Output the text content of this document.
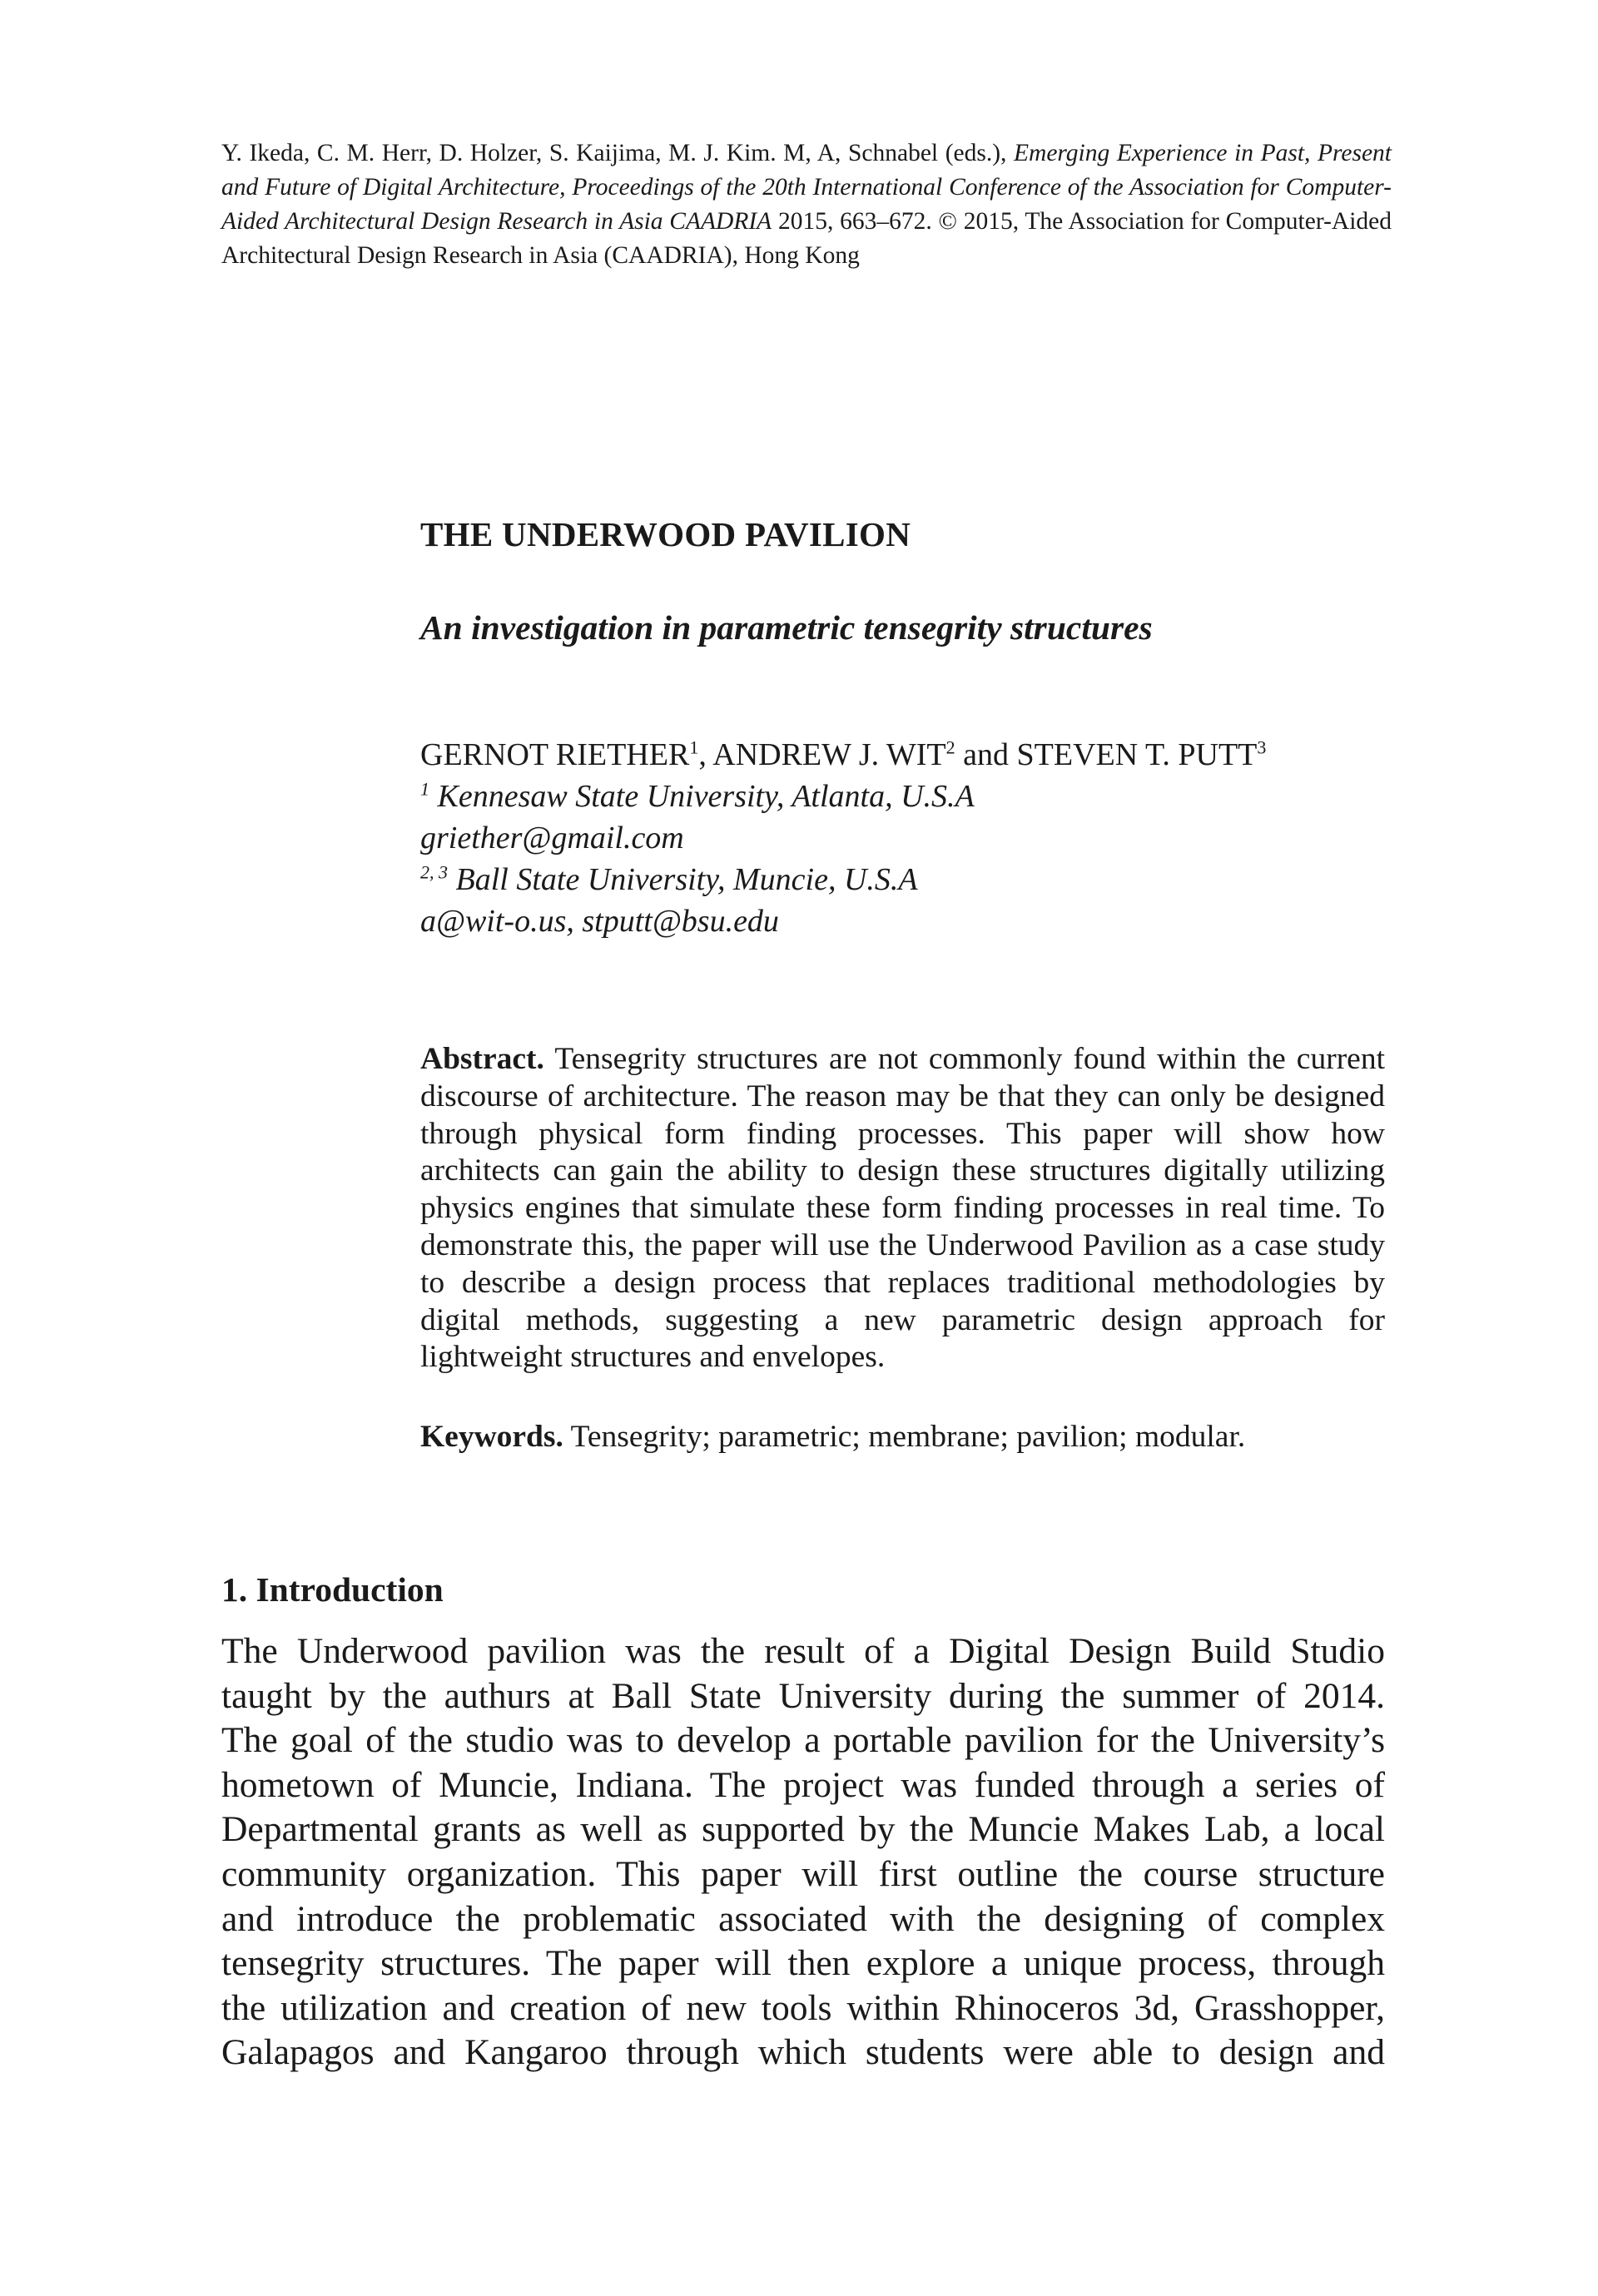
Y. Ikeda, C. M. Herr, D. Holzer, S. Kaijima, M. J. Kim. M, A, Schnabel (eds.), Emerging Experience in Past, Present and Future of Digital Architecture, Proceedings of the 20th International Conference of the Association for Computer-Aided Architectural Design Research in Asia CAADRIA 2015, 663–672. © 2015, The Association for Computer-Aided Architectural Design Research in Asia (CAADRIA), Hong Kong
THE UNDERWOOD PAVILION
An investigation in parametric tensegrity structures
GERNOT RIETHER$^1$, ANDREW J. WIT$^2$ and STEVEN T. PUTT$^3$
$^1$ Kennesaw State University, Atlanta, U.S.A
griether@gmail.com
$^{2, 3}$ Ball State University, Muncie, U.S.A
a@wit-o.us, stputt@bsu.edu
Abstract. Tensegrity structures are not commonly found within the current discourse of architecture. The reason may be that they can only be designed through physical form finding processes. This paper will show how architects can gain the ability to design these structures digitally utilizing physics engines that simulate these form finding processes in real time. To demonstrate this, the paper will use the Underwood Pavilion as a case study to describe a design process that replaces traditional methodologies by digital methods, suggesting a new parametric design approach for lightweight structures and envelopes.
Keywords. Tensegrity; parametric; membrane; pavilion; modular.
1. Introduction
The Underwood pavilion was the result of a Digital Design Build Studio
taught by the authurs at Ball State University during the summer of 2014.
The goal of the studio was to develop a portable pavilion for the University’s
hometown of Muncie, Indiana. The project was funded through a series of
Departmental grants as well as supported by the Muncie Makes Lab, a local
community organization. This paper will first outline the course structure
and introduce the problematic associated with the designing of complex
tensegrity structures. The paper will then explore a unique process, through
the utilization and creation of new tools within Rhinoceros 3d, Grasshopper,
Galapagos and Kangaroo through which students were able to design and
